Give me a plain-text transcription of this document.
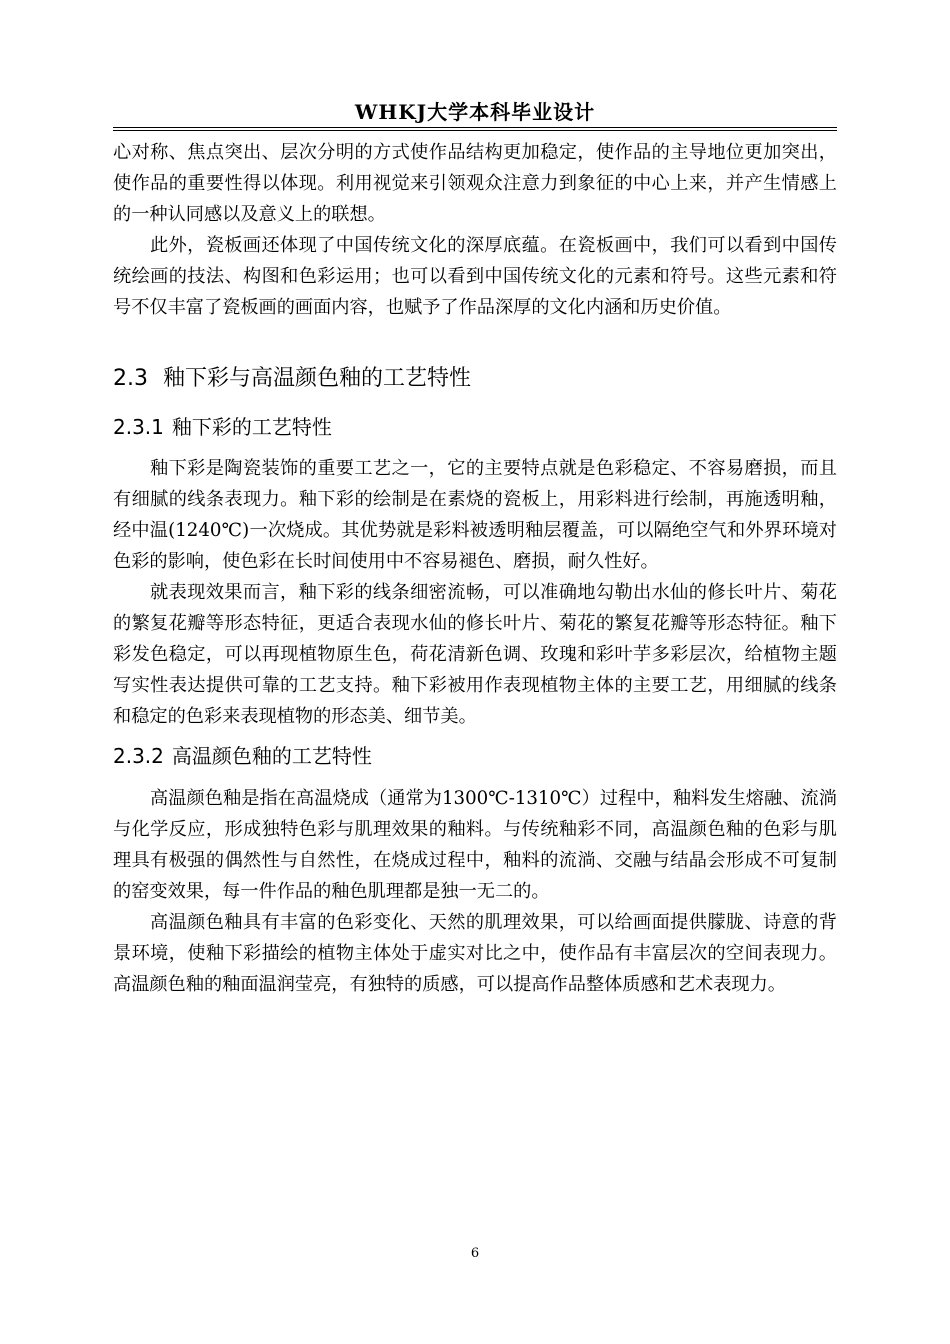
WHKJ大学本科毕业设计

心对称、焦点突出、层次分明的方式使作品结构更加稳定，使作品的主导地位更加突出，使作品的重要性得以体现。利用视觉来引领观众注意力到象征的中心上来，并产生情感上的一种认同感以及意义上的联想。

此外，瓷板画还体现了中国传统文化的深厚底蕴。在瓷板画中，我们可以看到中国传统绘画的技法、构图和色彩运用；也可以看到中国传统文化的元素和符号。这些元素和符号不仅丰富了瓷板画的画面内容，也赋予了作品深厚的文化内涵和历史价值。

2.3 釉下彩与高温颜色釉的工艺特性
2.3.1 釉下彩的工艺特性

釉下彩是陶瓷装饰的重要工艺之一，它的主要特点就是色彩稳定、不容易磨损，而且有细腻的线条表现力。釉下彩的绘制是在素烧的瓷板上，用彩料进行绘制，再施透明釉，经中温(1240℃)一次烧成。其优势就是彩料被透明釉层覆盖，可以隔绝空气和外界环境对色彩的影响，使色彩在长时间使用中不容易褪色、磨损，耐久性好。

就表现效果而言，釉下彩的线条细密流畅，可以准确地勾勒出水仙的修长叶片、菊花的繁复花瓣等形态特征，更适合表现水仙的修长叶片、菊花的繁复花瓣等形态特征。釉下彩发色稳定，可以再现植物原生色，荷花清新色调、玫瑰和彩叶芋多彩层次，给植物主题写实性表达提供可靠的工艺支持。釉下彩被用作表现植物主体的主要工艺，用细腻的线条和稳定的色彩来表现植物的形态美、细节美。

2.3.2 高温颜色釉的工艺特性

高温颜色釉是指在高温烧成（通常为1300℃-1310℃）过程中，釉料发生熔融、流淌与化学反应，形成独特色彩与肌理效果的釉料。与传统釉彩不同，高温颜色釉的色彩与肌理具有极强的偶然性与自然性，在烧成过程中，釉料的流淌、交融与结晶会形成不可复制的窑变效果，每一件作品的釉色肌理都是独一无二的。

高温颜色釉具有丰富的色彩变化、天然的肌理效果，可以给画面提供朦胧、诗意的背景环境，使釉下彩描绘的植物主体处于虚实对比之中，使作品有丰富层次的空间表现力。高温颜色釉的釉面温润莹亮，有独特的质感，可以提高作品整体质感和艺术表现力。

6
